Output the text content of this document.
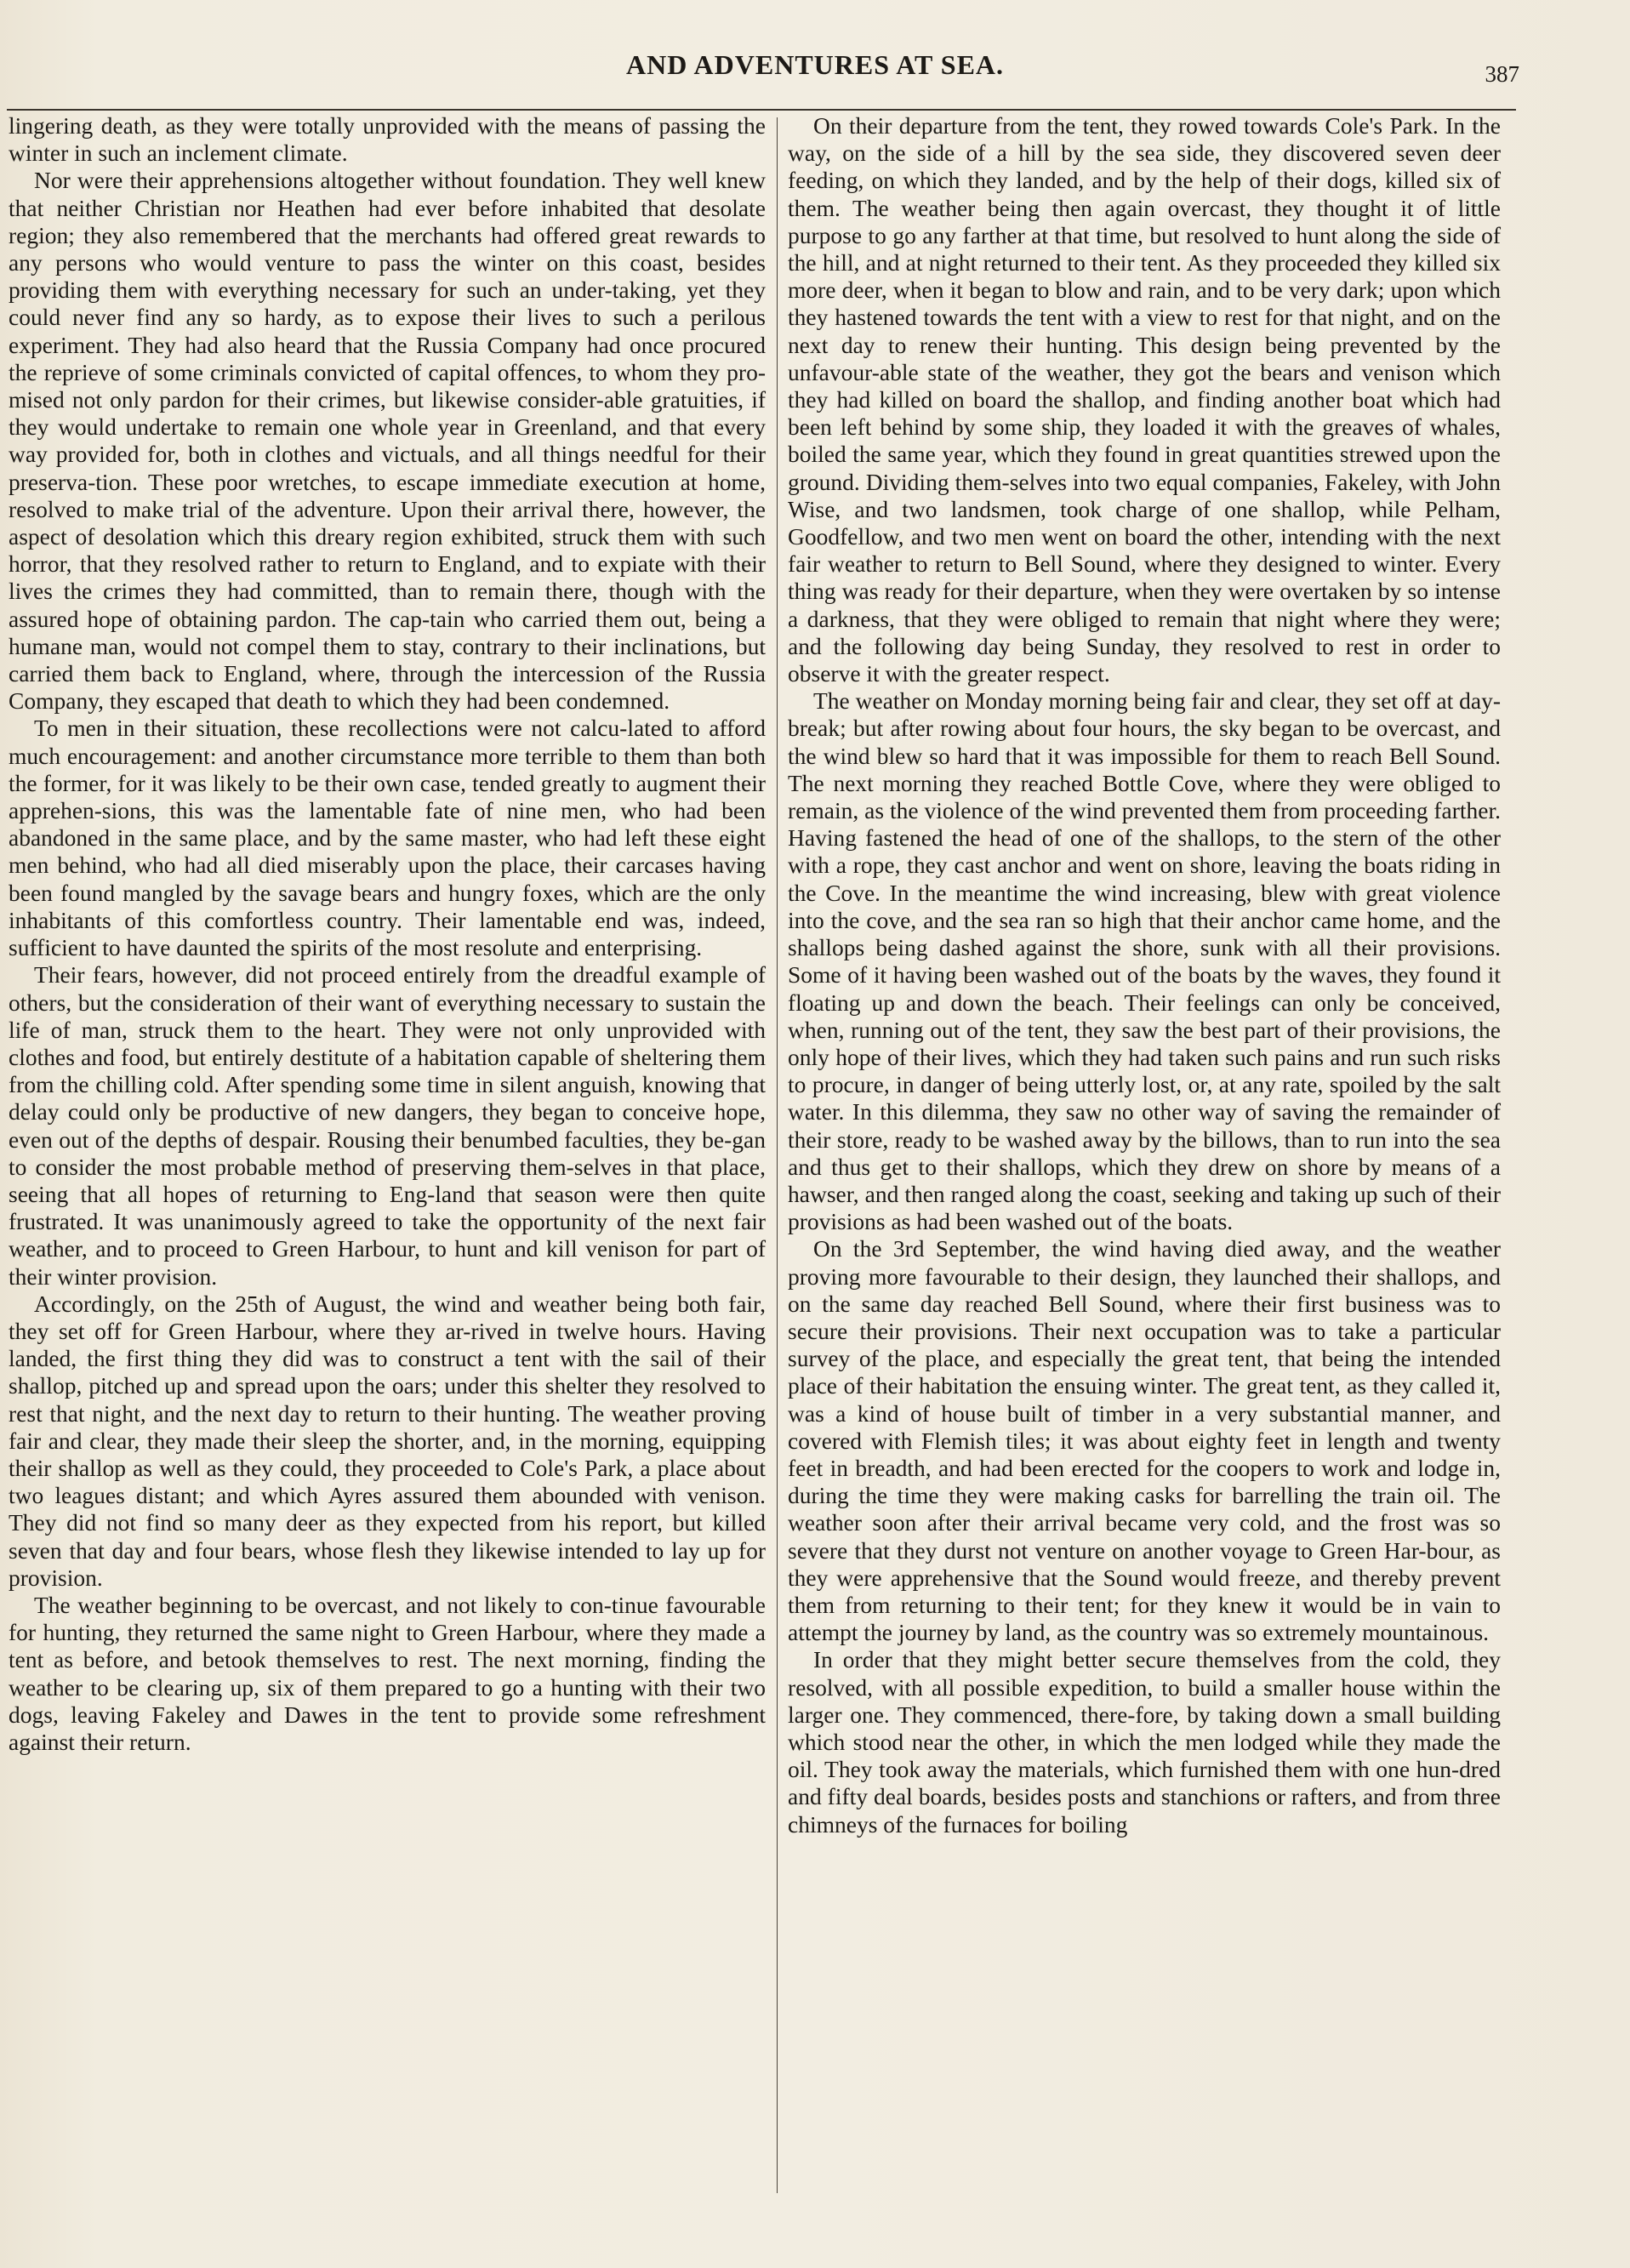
AND ADVENTURES AT SEA.	387

lingering death, as they were totally unprovided with the means of passing the winter in such an inclement climate.

Nor were their apprehensions altogether without foundation. They well knew that neither Christian nor Heathen had ever before inhabited that desolate region; they also remembered that the merchants had offered great rewards to any persons who would venture to pass the winter on this coast, besides providing them with everything necessary for such an under-taking, yet they could never find any so hardy, as to expose their lives to such a perilous experiment. They had also heard that the Russia Company had once procured the reprieve of some criminals convicted of capital offences, to whom they pro-mised not only pardon for their crimes, but likewise consider-able gratuities, if they would undertake to remain one whole year in Greenland, and that every way provided for, both in clothes and victuals, and all things needful for their preserva-tion. These poor wretches, to escape immediate execution at home, resolved to make trial of the adventure. Upon their arrival there, however, the aspect of desolation which this dreary region exhibited, struck them with such horror, that they resolved rather to return to England, and to expiate with their lives the crimes they had committed, than to remain there, though with the assured hope of obtaining pardon. The cap-tain who carried them out, being a humane man, would not compel them to stay, contrary to their inclinations, but carried them back to England, where, through the intercession of the Russia Company, they escaped that death to which they had been condemned.

To men in their situation, these recollections were not calcu-lated to afford much encouragement: and another circumstance more terrible to them than both the former, for it was likely to be their own case, tended greatly to augment their apprehen-sions, this was the lamentable fate of nine men, who had been abandoned in the same place, and by the same master, who had left these eight men behind, who had all died miserably upon the place, their carcases having been found mangled by the savage bears and hungry foxes, which are the only inhabitants of this comfortless country. Their lamentable end was, indeed, sufficient to have daunted the spirits of the most resolute and enterprising.

Their fears, however, did not proceed entirely from the dreadful example of others, but the consideration of their want of everything necessary to sustain the life of man, struck them to the heart. They were not only unprovided with clothes and food, but entirely destitute of a habitation capable of sheltering them from the chilling cold. After spending some time in silent anguish, knowing that delay could only be productive of new dangers, they began to conceive hope, even out of the depths of despair. Rousing their benumbed faculties, they be-gan to consider the most probable method of preserving them-selves in that place, seeing that all hopes of returning to Eng-land that season were then quite frustrated. It was unanimously agreed to take the opportunity of the next fair weather, and to proceed to Green Harbour, to hunt and kill venison for part of their winter provision.

Accordingly, on the 25th of August, the wind and weather being both fair, they set off for Green Harbour, where they ar-rived in twelve hours. Having landed, the first thing they did was to construct a tent with the sail of their shallop, pitched up and spread upon the oars; under this shelter they resolved to rest that night, and the next day to return to their hunting. The weather proving fair and clear, they made their sleep the shorter, and, in the morning, equipping their shallop as well as they could, they proceeded to Cole's Park, a place about two leagues distant; and which Ayres assured them abounded with venison. They did not find so many deer as they expected from his report, but killed seven that day and four bears, whose flesh they likewise intended to lay up for provision.

The weather beginning to be overcast, and not likely to con-tinue favourable for hunting, they returned the same night to Green Harbour, where they made a tent as before, and betook themselves to rest. The next morning, finding the weather to be clearing up, six of them prepared to go a hunting with their two dogs, leaving Fakeley and Dawes in the tent to provide some refreshment against their return.

On their departure from the tent, they rowed towards Cole's Park. In the way, on the side of a hill by the sea side, they discovered seven deer feeding, on which they landed, and by the help of their dogs, killed six of them. The weather being then again overcast, they thought it of little purpose to go any farther at that time, but resolved to hunt along the side of the hill, and at night returned to their tent. As they proceeded they killed six more deer, when it began to blow and rain, and to be very dark; upon which they hastened towards the tent with a view to rest for that night, and on the next day to renew their hunting. This design being prevented by the unfavour-able state of the weather, they got the bears and venison which they had killed on board the shallop, and finding another boat which had been left behind by some ship, they loaded it with the greaves of whales, boiled the same year, which they found in great quantities strewed upon the ground. Dividing them-selves into two equal companies, Fakeley, with John Wise, and two landsmen, took charge of one shallop, while Pelham, Goodfellow, and two men went on board the other, intending with the next fair weather to return to Bell Sound, where they designed to winter. Every thing was ready for their departure, when they were overtaken by so intense a darkness, that they were obliged to remain that night where they were; and the following day being Sunday, they resolved to rest in order to observe it with the greater respect.

The weather on Monday morning being fair and clear, they set off at day-break; but after rowing about four hours, the sky began to be overcast, and the wind blew so hard that it was impossible for them to reach Bell Sound. The next morning they reached Bottle Cove, where they were obliged to remain, as the violence of the wind prevented them from proceeding farther. Having fastened the head of one of the shallops, to the stern of the other with a rope, they cast anchor and went on shore, leaving the boats riding in the Cove. In the meantime the wind increasing, blew with great violence into the cove, and the sea ran so high that their anchor came home, and the shallops being dashed against the shore, sunk with all their provisions. Some of it having been washed out of the boats by the waves, they found it floating up and down the beach. Their feelings can only be conceived, when, running out of the tent, they saw the best part of their provisions, the only hope of their lives, which they had taken such pains and run such risks to procure, in danger of being utterly lost, or, at any rate, spoiled by the salt water. In this dilemma, they saw no other way of saving the remainder of their store, ready to be washed away by the billows, than to run into the sea and thus get to their shallops, which they drew on shore by means of a hawser, and then ranged along the coast, seeking and taking up such of their provisions as had been washed out of the boats.

On the 3rd September, the wind having died away, and the weather proving more favourable to their design, they launched their shallops, and on the same day reached Bell Sound, where their first business was to secure their provisions. Their next occupation was to take a particular survey of the place, and especially the great tent, that being the intended place of their habitation the ensuing winter. The great tent, as they called it, was a kind of house built of timber in a very substantial manner, and covered with Flemish tiles; it was about eighty feet in length and twenty feet in breadth, and had been erected for the coopers to work and lodge in, during the time they were making casks for barrelling the train oil. The weather soon after their arrival became very cold, and the frost was so severe that they durst not venture on another voyage to Green Har-bour, as they were apprehensive that the Sound would freeze, and thereby prevent them from returning to their tent; for they knew it would be in vain to attempt the journey by land, as the country was so extremely mountainous.

In order that they might better secure themselves from the cold, they resolved, with all possible expedition, to build a smaller house within the larger one. They commenced, there-fore, by taking down a small building which stood near the other, in which the men lodged while they made the oil. They took away the materials, which furnished them with one hun-dred and fifty deal boards, besides posts and stanchions or rafters, and from three chimneys of the furnaces for boiling
